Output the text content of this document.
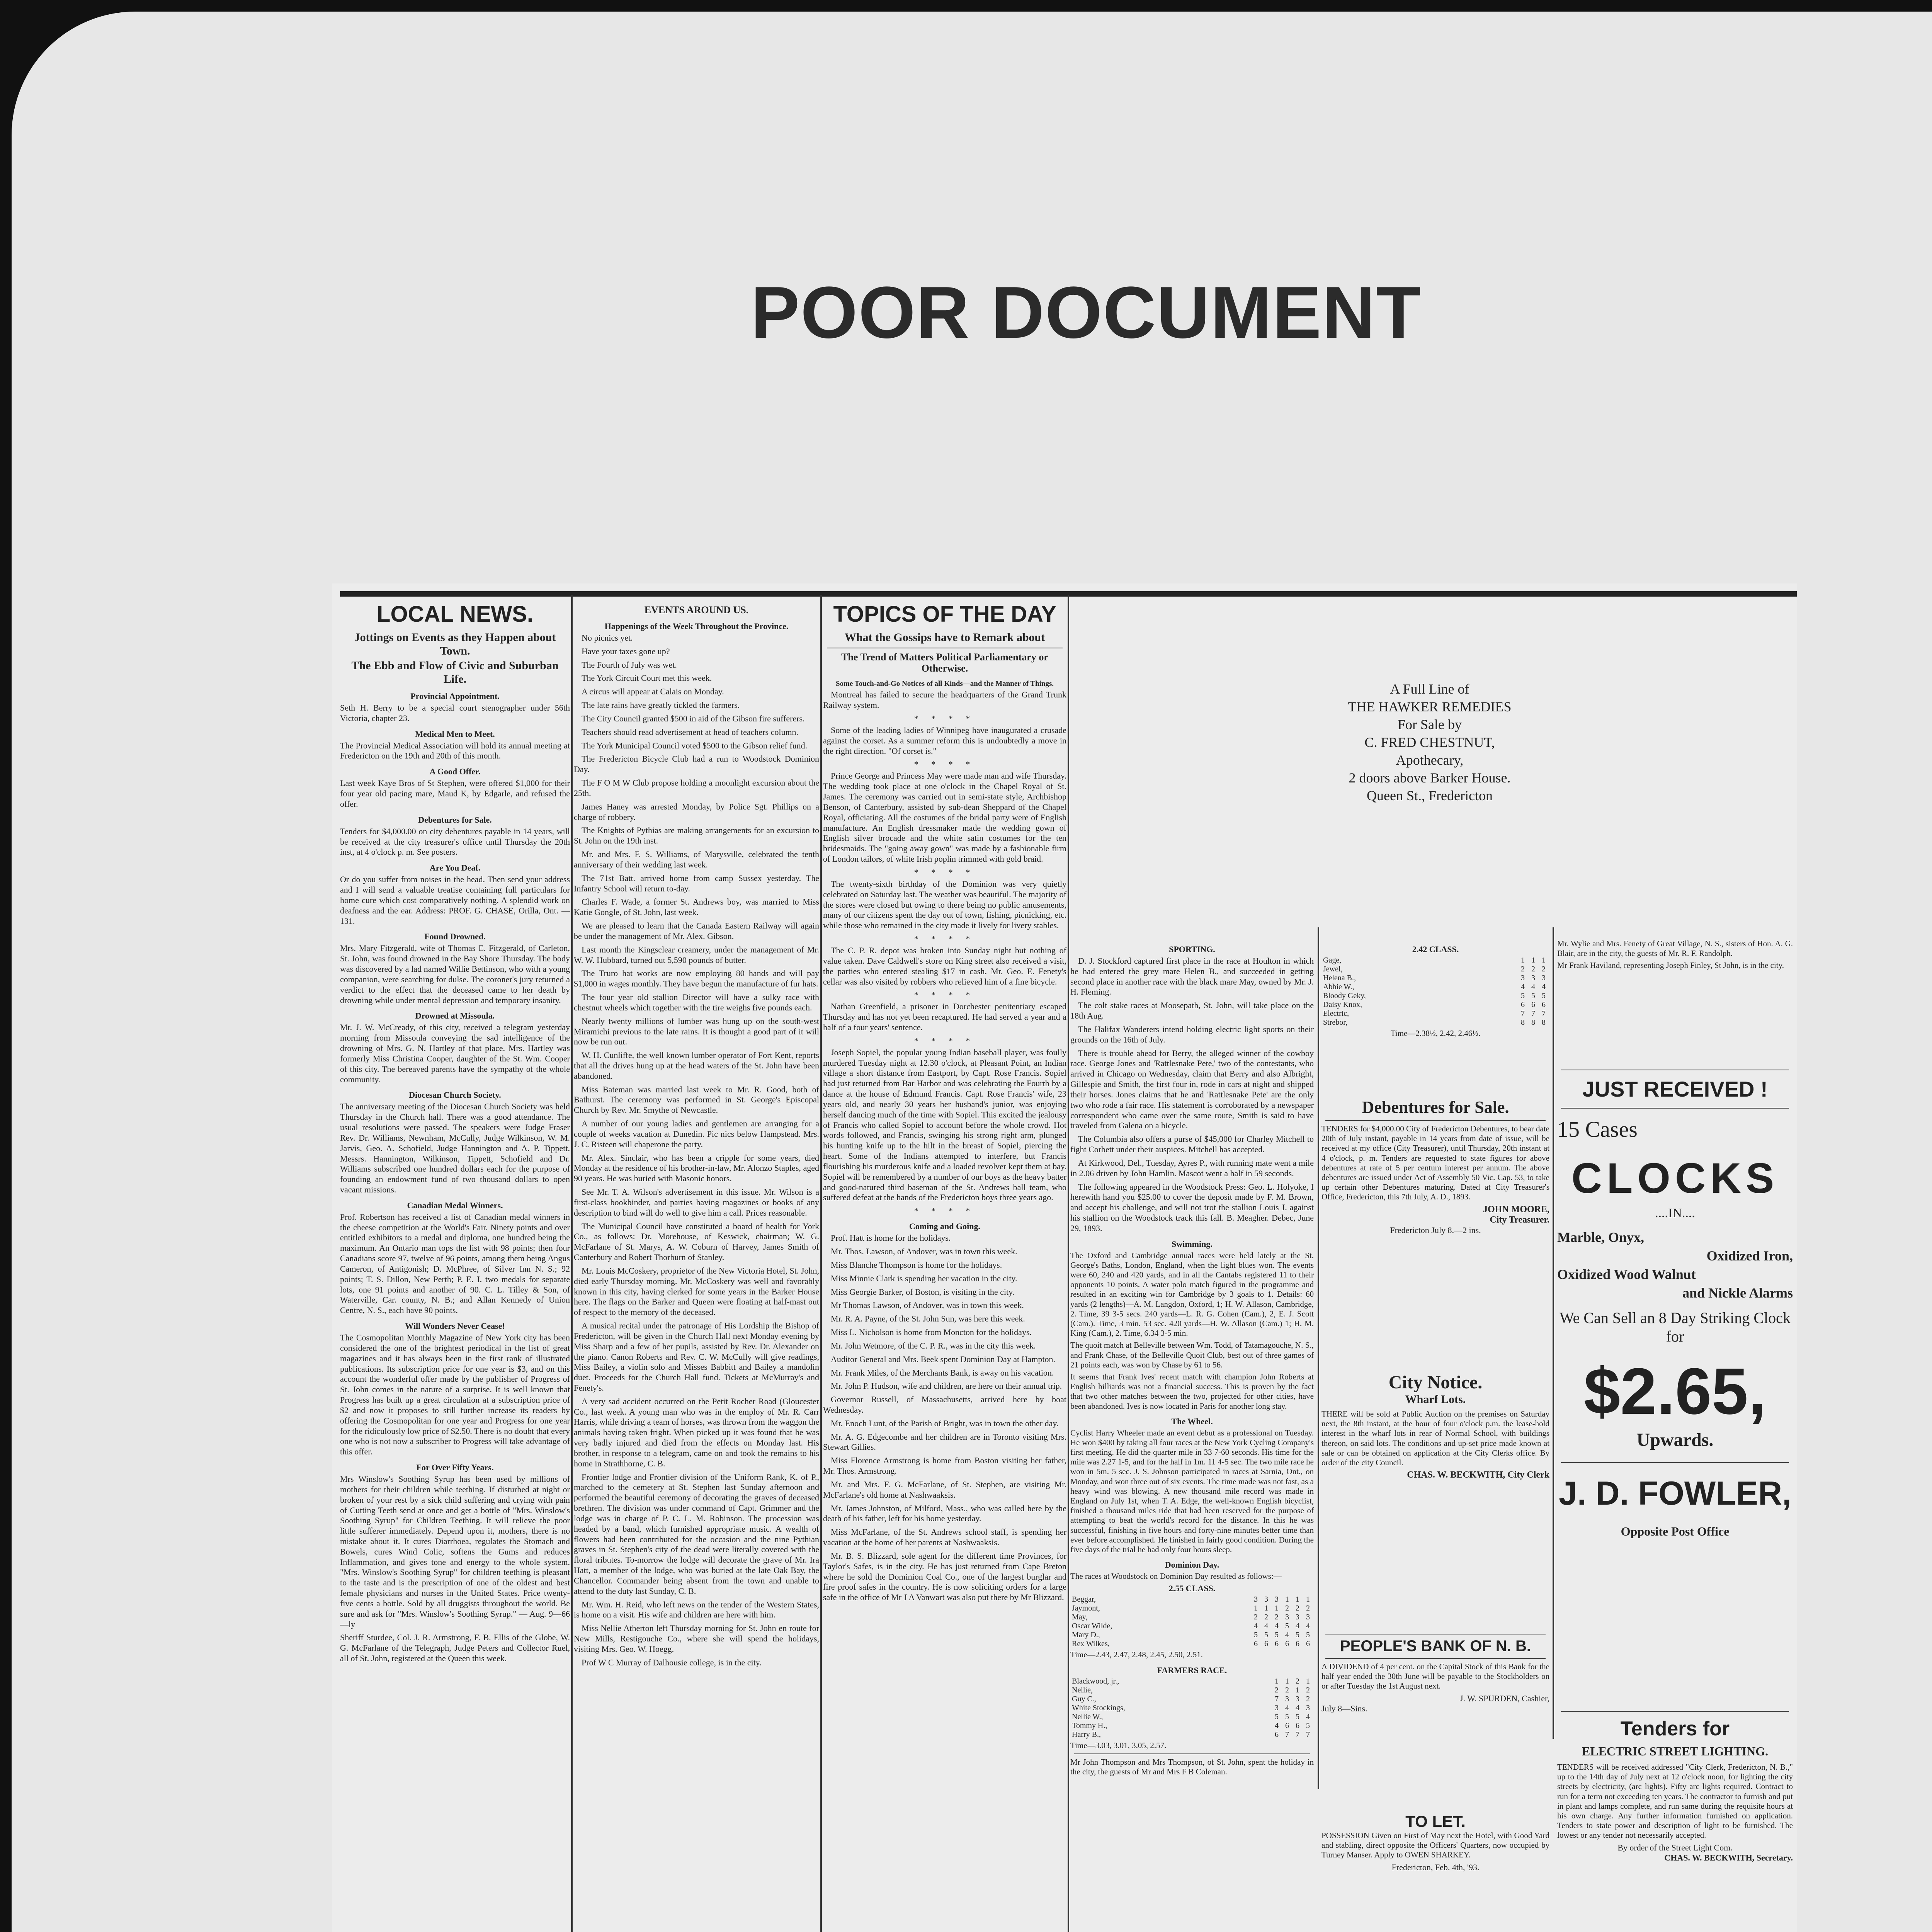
POOR DOCUMENT
LOCAL NEWS.
Jottings on Events as they Happen about Town.
The Ebb and Flow of Civic and Suburban Life.
Provincial Appointment.

Seth H. Berry to be a special court stenographer under 56th Victoria, chapter 23.

Medical Men to Meet.

The Provincial Medical Association will hold its annual meeting at Fredericton on the 19th and 20th of this month.

A Good Offer.

Last week Kaye Bros of St Stephen, were offered $1,000 for their four year old pacing mare, Maud K, by Edgarle, and refused the offer.

Debentures for Sale.

Tenders for $4,000.00 on city debentures payable in 14 years, will be received at the city treasurer's office until Thursday the 20th inst, at 4 o'clock p. m. See posters.

Are You Deaf.

Or do you suffer from noises in the head. Then send your address and I will send a valuable treatise containing full particulars for home cure which cost comparatively nothing. A splendid work on deafness and the ear. Address: PROF. G. CHASE, Orilla, Ont. — 131.

Found Drowned.

Mrs. Mary Fitzgerald, wife of Thomas E. Fitzgerald, of Carleton, St. John, was found drowned in the Bay Shore Thursday. The body was discovered by a lad named Willie Bettinson, who with a young companion, were searching for dulse. The coroner's jury returned a verdict to the effect that the deceased came to her death by drowning while under mental depression and temporary insanity.

Drowned at Missoula.

Mr. J. W. McCready, of this city, received a telegram yesterday morning from Missoula conveying the sad intelligence of the drowning of Mrs. G. N. Hartley of that place. Mrs. Hartley was formerly Miss Christina Cooper, daughter of the St. Wm. Cooper of this city. The bereaved parents have the sympathy of the whole community.

Diocesan Church Society.

The anniversary meeting of the Diocesan Church Society was held Thursday in the Church hall. There was a good attendance. The usual resolutions were passed. The speakers were Judge Fraser Rev. Dr. Williams, Newnham, McCully, Judge Wilkinson, W. M. Jarvis, Geo. A. Schofield, Judge Hannington and A. P. Tippett. Messrs. Hannington, Wilkinson, Tippett, Schofield and Dr. Williams subscribed one hundred dollars each for the purpose of founding an endowment fund of two thousand dollars to open vacant missions.

Canadian Medal Winners.

Prof. Robertson has received a list of Canadian medal winners in the cheese competition at the World's Fair. Ninety points and over entitled exhibitors to a medal and diploma, one hundred being the maximum. An Ontario man tops the list with 98 points; then four Canadians score 97, twelve of 96 points, among them being Angus Cameron, of Antigonish; D. McPhree, of Silver Inn N. S.; 92 points; T. S. Dillon, New Perth; P. E. I. two medals for separate lots, one 91 points and another of 90. C. L. Tilley & Son, of Waterville, Car. county, N. B.; and Allan Kennedy of Union Centre, N. S., each have 90 points.

Will Wonders Never Cease!

The Cosmopolitan Monthly Magazine of New York city has been considered the one of the brightest periodical in the list of great magazines and it has always been in the first rank of illustrated publications. Its subscription price for one year is $3, and on this account the wonderful offer made by the publisher of Progress of St. John comes in the nature of a surprise. It is well known that Progress has built up a great circulation at a subscription price of $2 and now it proposes to still further increase its readers by offering the Cosmopolitan for one year and Progress for one year for the ridiculously low price of $2.50. There is no doubt that every one who is not now a subscriber to Progress will take advantage of this offer.

For Over Fifty Years.

Mrs Winslow's Soothing Syrup has been used by millions of mothers for their children while teething. If disturbed at night or broken of your rest by a sick child suffering and crying with pain of Cutting Teeth send at once and get a bottle of "Mrs. Winslow's Soothing Syrup" for Children Teething. It will relieve the poor little sufferer immediately. Depend upon it, mothers, there is no mistake about it. It cures Diarrhoea, regulates the Stomach and Bowels, cures Wind Colic, softens the Gums and reduces Inflammation, and gives tone and energy to the whole system. "Mrs. Winslow's Soothing Syrup" for children teething is pleasant to the taste and is the prescription of one of the oldest and best female physicians and nurses in the United States. Price twenty-five cents a bottle. Sold by all druggists throughout the world. Be sure and ask for "Mrs. Winslow's Soothing Syrup." — Aug. 9—66—ly

Sheriff Sturdee, Col. J. R. Armstrong, F. B. Ellis of the Globe, W. G. McFarlane of the Telegraph, Judge Peters and Collector Ruel, all of St. John, registered at the Queen this week.

EVENTS AROUND US.
Happenings of the Week Throughout the Province.

No picnics yet.

Have your taxes gone up?

The Fourth of July was wet.

The York Circuit Court met this week.

A circus will appear at Calais on Monday.

The late rains have greatly tickled the farmers.

The City Council granted $500 in aid of the Gibson fire sufferers.

Teachers should read advertisement at head of teachers column.

The York Municipal Council voted $500 to the Gibson relief fund.

The Fredericton Bicycle Club had a run to Woodstock Dominion Day.

The F O M W Club propose holding a moonlight excursion about the 25th.

James Haney was arrested Monday, by Police Sgt. Phillips on a charge of robbery.

The Knights of Pythias are making arrangements for an excursion to St. John on the 19th inst.

Mr. and Mrs. F. S. Williams, of Marysville, celebrated the tenth anniversary of their wedding last week.

The 71st Batt. arrived home from camp Sussex yesterday. The Infantry School will return to-day.

Charles F. Wade, a former St. Andrews boy, was married to Miss Katie Gongle, of St. John, last week.

We are pleased to learn that the Canada Eastern Railway will again be under the management of Mr. Alex. Gibson.

Last month the Kingsclear creamery, under the management of Mr. W. W. Hubbard, turned out 5,590 pounds of butter.

The Truro hat works are now employing 80 hands and will pay $1,000 in wages monthly. They have begun the manufacture of fur hats.

The four year old stallion Director will have a sulky race with chestnut wheels which together with the tire weighs five pounds each.

Nearly twenty millions of lumber was hung up on the south-west Miramichi previous to the late rains. It is thought a good part of it will now be run out.

W. H. Cunliffe, the well known lumber operator of Fort Kent, reports that all the drives hung up at the head waters of the St. John have been abandoned.

Miss Bateman was married last week to Mr. R. Good, both of Bathurst. The ceremony was performed in St. George's Episcopal Church by Rev. Mr. Smythe of Newcastle.

A number of our young ladies and gentlemen are arranging for a couple of weeks vacation at Dunedin. Pic nics below Hampstead. Mrs. J. C. Risteen will chaperone the party.

Mr. Alex. Sinclair, who has been a cripple for some years, died Monday at the residence of his brother-in-law, Mr. Alonzo Staples, aged 90 years. He was buried with Masonic honors.

See Mr. T. A. Wilson's advertisement in this issue. Mr. Wilson is a first-class bookbinder, and parties having magazines or books of any description to bind will do well to give him a call. Prices reasonable.

The Municipal Council have constituted a board of health for York Co., as follows: Dr. Morehouse, of Keswick, chairman; W. G. McFarlane of St. Marys, A. W. Coburn of Harvey, James Smith of Canterbury and Robert Thorburn of Stanley.

Mr. Louis McCoskery, proprietor of the New Victoria Hotel, St. John, died early Thursday morning. Mr. McCoskery was well and favorably known in this city, having clerked for some years in the Barker House here. The flags on the Barker and Queen were floating at half-mast out of respect to the memory of the deceased.

A musical recital under the patronage of His Lordship the Bishop of Fredericton, will be given in the Church Hall next Monday evening by Miss Sharp and a few of her pupils, assisted by Rev. Dr. Alexander on the piano. Canon Roberts and Rev. C. W. McCully will give readings, Miss Bailey, a violin solo and Misses Babbitt and Bailey a mandolin duet. Proceeds for the Church Hall fund. Tickets at McMurray's and Fenety's.

A very sad accident occurred on the Petit Rocher Road (Gloucester Co., last week. A young man who was in the employ of Mr. R. Carr Harris, while driving a team of horses, was thrown from the waggon the animals having taken fright. When picked up it was found that he was very badly injured and died from the effects on Monday last. His brother, in response to a telegram, came on and took the remains to his home in Strathhorne, C. B.

Frontier lodge and Frontier division of the Uniform Rank, K. of P., marched to the cemetery at St. Stephen last Sunday afternoon and performed the beautiful ceremony of decorating the graves of deceased brethren. The division was under command of Capt. Grimmer and the lodge was in charge of P. C. L. M. Robinson. The procession was headed by a band, which furnished appropriate music. A wealth of flowers had been contributed for the occasion and the nine Pythian graves in St. Stephen's city of the dead were literally covered with the floral tributes. To-morrow the lodge will decorate the grave of Mr. Ira Hatt, a member of the lodge, who was buried at the late Oak Bay, the Chancellor. Commander being absent from the town and unable to attend to the duty last Sunday, C. B.

Mr. Wm. H. Reid, who left news on the tender of the Western States, is home on a visit. His wife and children are here with him.

Miss Nellie Atherton left Thursday morning for St. John en route for New Mills, Restigouche Co., where she will spend the holidays, visiting Mrs. Geo. W. Hoegg.

Prof W C Murray of Dalhousie college, is in the city.

TOPICS OF THE DAY
What the Gossips have to Remark about
The Trend of Matters Political Parliamentary or Otherwise.
Some Touch-and-Go Notices of all Kinds—and the Manner of Things.

Montreal has failed to secure the headquarters of the Grand Trunk Railway system.

* * * *

Some of the leading ladies of Winnipeg have inaugurated a crusade against the corset. As a summer reform this is undoubtedly a move in the right direction. "Of corset is."

* * * *

Prince George and Princess May were made man and wife Thursday. The wedding took place at one o'clock in the Chapel Royal of St. James. The ceremony was carried out in semi-state style, Archbishop Benson, of Canterbury, assisted by sub-dean Sheppard of the Chapel Royal, officiating. All the costumes of the bridal party were of English manufacture. An English dressmaker made the wedding gown of English silver brocade and the white satin costumes for the ten bridesmaids. The "going away gown" was made by a fashionable firm of London tailors, of white Irish poplin trimmed with gold braid.

* * * *

The twenty-sixth birthday of the Dominion was very quietly celebrated on Saturday last. The weather was beautiful. The majority of the stores were closed but owing to there being no public amusements, many of our citizens spent the day out of town, fishing, picnicking, etc. while those who remained in the city made it lively for livery stables.

* * * *

The C. P. R. depot was broken into Sunday night but nothing of value taken. Dave Caldwell's store on King street also received a visit, the parties who entered stealing $17 in cash. Mr. Geo. E. Fenety's cellar was also visited by robbers who relieved him of a fine bicycle.

* * * *

Nathan Greenfield, a prisoner in Dorchester penitentiary escaped Thursday and has not yet been recaptured. He had served a year and a half of a four years' sentence.

* * * *

Joseph Sopiel, the popular young Indian baseball player, was foully murdered Tuesday night at 12.30 o'clock, at Pleasant Point, an Indian village a short distance from Eastport, by Capt. Rose Francis. Sopiel had just returned from Bar Harbor and was celebrating the Fourth by a dance at the house of Edmund Francis. Capt. Rose Francis' wife, 23 years old, and nearly 30 years her husband's junior, was enjoying herself dancing much of the time with Sopiel. This excited the jealousy of Francis who called Sopiel to account before the whole crowd. Hot words followed, and Francis, swinging his strong right arm, plunged his hunting knife up to the hilt in the breast of Sopiel, piercing the heart. Some of the Indians attempted to interfere, but Francis flourishing his murderous knife and a loaded revolver kept them at bay. Sopiel will be remembered by a number of our boys as the heavy batter and good-natured third baseman of the St. Andrews ball team, who suffered defeat at the hands of the Fredericton boys three years ago.

* * * *
Coming and Going.

Prof. Hatt is home for the holidays.

Mr. Thos. Lawson, of Andover, was in town this week.

Miss Blanche Thompson is home for the holidays.

Miss Minnie Clark is spending her vacation in the city.

Miss Georgie Barker, of Boston, is visiting in the city.

Mr Thomas Lawson, of Andover, was in town this week.

Mr. R. A. Payne, of the St. John Sun, was here this week.

Miss L. Nicholson is home from Moncton for the holidays.

Mr. John Wetmore, of the C. P. R., was in the city this week.

Auditor General and Mrs. Beek spent Dominion Day at Hampton.

Mr. Frank Miles, of the Merchants Bank, is away on his vacation.

Mr. John P. Hudson, wife and children, are here on their annual trip.

Governor Russell, of Massachusetts, arrived here by boat Wednesday.

Mr. Enoch Lunt, of the Parish of Bright, was in town the other day.

Mr. A. G. Edgecombe and her children are in Toronto visiting Mrs. Stewart Gillies.

Miss Florence Armstrong is home from Boston visiting her father, Mr. Thos. Armstrong.

Mr. and Mrs. F. G. McFarlane, of St. Stephen, are visiting Mr. McFarlane's old home at Nashwaaksis.

Mr. James Johnston, of Milford, Mass., who was called here by the death of his father, left for his home yesterday.

Miss McFarlane, of the St. Andrews school staff, is spending her vacation at the home of her parents at Nashwaaksis.

Mr. B. S. Blizzard, sole agent for the different time Provinces, for Taylor's Safes, is in the city. He has just returned from Cape Breton where he sold the Dominion Coal Co., one of the largest burglar and fire proof safes in the country. He is now soliciting orders for a large safe in the office of Mr J A Vanwart was also put there by Mr Blizzard.

SPORTING.

D. J. Stockford captured first place in the race at Houlton in which he had entered the grey mare Helen B., and succeeded in getting second place in another race with the black mare May, owned by Mr. J. H. Fleming.

The colt stake races at Moosepath, St. John, will take place on the 18th Aug.

The Halifax Wanderers intend holding electric light sports on their grounds on the 16th of July.

There is trouble ahead for Berry, the alleged winner of the cowboy race. George Jones and 'Rattlesnake Pete,' two of the contestants, who arrived in Chicago on Wednesday, claim that Berry and also Albright, Gillespie and Smith, the first four in, rode in cars at night and shipped their horses. Jones claims that he and 'Rattlesnake Pete' are the only two who rode a fair race. His statement is corroborated by a newspaper correspondent who came over the same route, Smith is said to have traveled from Galena on a bicycle.

The Columbia also offers a purse of $45,000 for Charley Mitchell to fight Corbett under their auspices. Mitchell has accepted.

At Kirkwood, Del., Tuesday, Ayres P., with running mate went a mile in 2.06 driven by John Hamlin. Mascot went a half in 59 seconds.

The following appeared in the Woodstock Press: Geo. L. Holyoke, I herewith hand you $25.00 to cover the deposit made by F. M. Brown, and accept his challenge, and will not trot the stallion Louis J. against his stallion on the Woodstock track this fall. B. Meagher. Debec, June 29, 1893.

Swimming.

The Oxford and Cambridge annual races were held lately at the St. George's Baths, London, England, when the light blues won. The events were 60, 240 and 420 yards, and in all the Cantabs registered 11 to their opponents 10 points. A water polo match figured in the programme and resulted in an exciting win for Cambridge by 3 goals to 1. Details: 60 yards (2 lengths)—A. M. Langdon, Oxford, 1; H. W. Allason, Cambridge, 2. Time, 39 3-5 secs. 240 yards—L. R. G. Cohen (Cam.), 2, E. J. Scott (Cam.). Time, 3 min. 53 sec. 420 yards—H. W. Allason (Cam.) 1; H. M. King (Cam.), 2. Time, 6.34 3-5 min.

The quoit match at Belleville between Wm. Todd, of Tatamagouche, N. S., and Frank Chase, of the Belleville Quoit Club, best out of three games of 21 points each, was won by Chase by 61 to 56.

It seems that Frank Ives' recent match with champion John Roberts at English billiards was not a financial success. This is proven by the fact that two other matches between the two, projected for other cities, have been abandoned. Ives is now located in Paris for another long stay.

The Wheel.

Cyclist Harry Wheeler made an event debut as a professional on Tuesday. He won $400 by taking all four races at the New York Cycling Company's first meeting. He did the quarter mile in 33 7-60 seconds. His time for the mile was 2.27 1-5, and for the half in 1m. 11 4-5 sec. The two mile race he won in 5m. 5 sec. J. S. Johnson participated in races at Sarnia, Ont., on Monday, and won three out of six events. The time made was not fast, as a heavy wind was blowing. A new thousand mile record was made in England on July 1st, when T. A. Edge, the well-known English bicyclist, finished a thousand miles ride that had been reserved for the purpose of attempting to beat the world's record for the distance. In this he was successful, finishing in five hours and forty-nine minutes better time than ever before accomplished. He finished in fairly good condition. During the five days of the trial he had only four hours sleep.

Dominion Day.

The races at Woodstock on Dominion Day resulted as follows:—

2.55 CLASS.
Beggar,	3 3 3 1 1 1
Jaymont,	1 1 1 2 2 2
May,	2 2 2 3 3 3
Oscar Wilde,	4 4 4 5 4 4
Mary D.,	5 5 5 4 5 5
Rex Wilkes,	6 6 6 6 6 6

Time—2.43, 2.47, 2.48, 2.45, 2.50, 2.51.

FARMERS RACE.
Blackwood, jr.,	1 1 2 1
Nellie,	2 2 1 2
Guy C.,	7 3 3 2
White Stockings,	3 4 4 3
Nellie W.,	5 5 5 4
Tommy H.,	4 6 6 5
Harry B.,	6 7 7 7

Time—3.03, 3.01, 3.05, 2.57.

Mr John Thompson and Mrs Thompson, of St. John, spent the holiday in the city, the guests of Mr and Mrs F B Coleman.

A Full Line of
THE HAWKER REMEDIES
For Sale by
C. FRED CHESTNUT,
Apothecary,
2 doors above Barker House.
Queen St., Fredericton
2.42 CLASS.
Gage,	1 1 1
Jewel,	2 2 2
Helena B.,	3 3 3
Abbie W.,	4 4 4
Bloody Geky,	5 5 5
Daisy Knox,	6 6 6
Electric,	7 7 7
Strebor,	8 8 8

Time—2.38½, 2.42, 2.46½.

Debentures for Sale.

TENDERS for $4,000.00 City of Fredericton Debentures, to bear date 20th of July instant, payable in 14 years from date of issue, will be received at my office (City Treasurer), until Thursday, 20th instant at 4 o'clock, p. m. Tenders are requested to state figures for above debentures at rate of 5 per centum interest per annum. The above debentures are issued under Act of Assembly 50 Vic. Cap. 53, to take up certain other Debentures maturing. Dated at City Treasurer's Office, Fredericton, this 7th July, A. D., 1893.

JOHN MOORE,
City Treasurer.
Fredericton July 8.—2 ins.
City Notice.
Wharf Lots.

THERE will be sold at Public Auction on the premises on Saturday next, the 8th instant, at the hour of four o'clock p.m. the lease-hold interest in the wharf lots in rear of Normal School, with buildings thereon, on said lots. The conditions and up-set price made known at sale or can be obtained on application at the City Clerks office. By order of the city Council.

CHAS. W. BECKWITH, City Clerk
PEOPLE'S BANK OF N. B.

A DIVIDEND of 4 per cent. on the Capital Stock of this Bank for the half year ended the 30th June will be payable to the Stockholders on or after Tuesday the 1st August next.

J. W. SPURDEN, Cashier,
July 8—Sins.
TO LET.

POSSESSION Given on First of May next the Hotel, with Good Yard and stabling, direct opposite the Officers' Quarters, now occupied by Turney Manser. Apply to OWEN SHARKEY.

Fredericton, Feb. 4th, '93.

Mr. Wylie and Mrs. Fenety of Great Village, N. S., sisters of Hon. A. G. Blair, are in the city, the guests of Mr. R. F. Randolph.

Mr Frank Haviland, representing Joseph Finley, St John, is in the city.

JUST RECEIVED !
15 Cases
CLOCKS
....IN....
Marble, Onyx,
Oxidized Iron,
Oxidized Wood Walnut
and Nickle Alarms
We Can Sell an 8 Day Striking Clock for
$2.65,
Upwards.
J. D. FOWLER,
Opposite Post Office
Tenders for
ELECTRIC STREET LIGHTING.

TENDERS will be received addressed "City Clerk, Fredericton, N. B.," up to the 14th day of July next at 12 o'clock noon, for lighting the city streets by electricity, (arc lights). Fifty arc lights required. Contract to run for a term not exceeding ten years. The contractor to furnish and put in plant and lamps complete, and run same during the requisite hours at his own charge. Any further information furnished on application. Tenders to state power and description of light to be furnished. The lowest or any tender not necessarily accepted.

By order of the Street Light Com.
CHAS. W. BECKWITH, Secretary.
